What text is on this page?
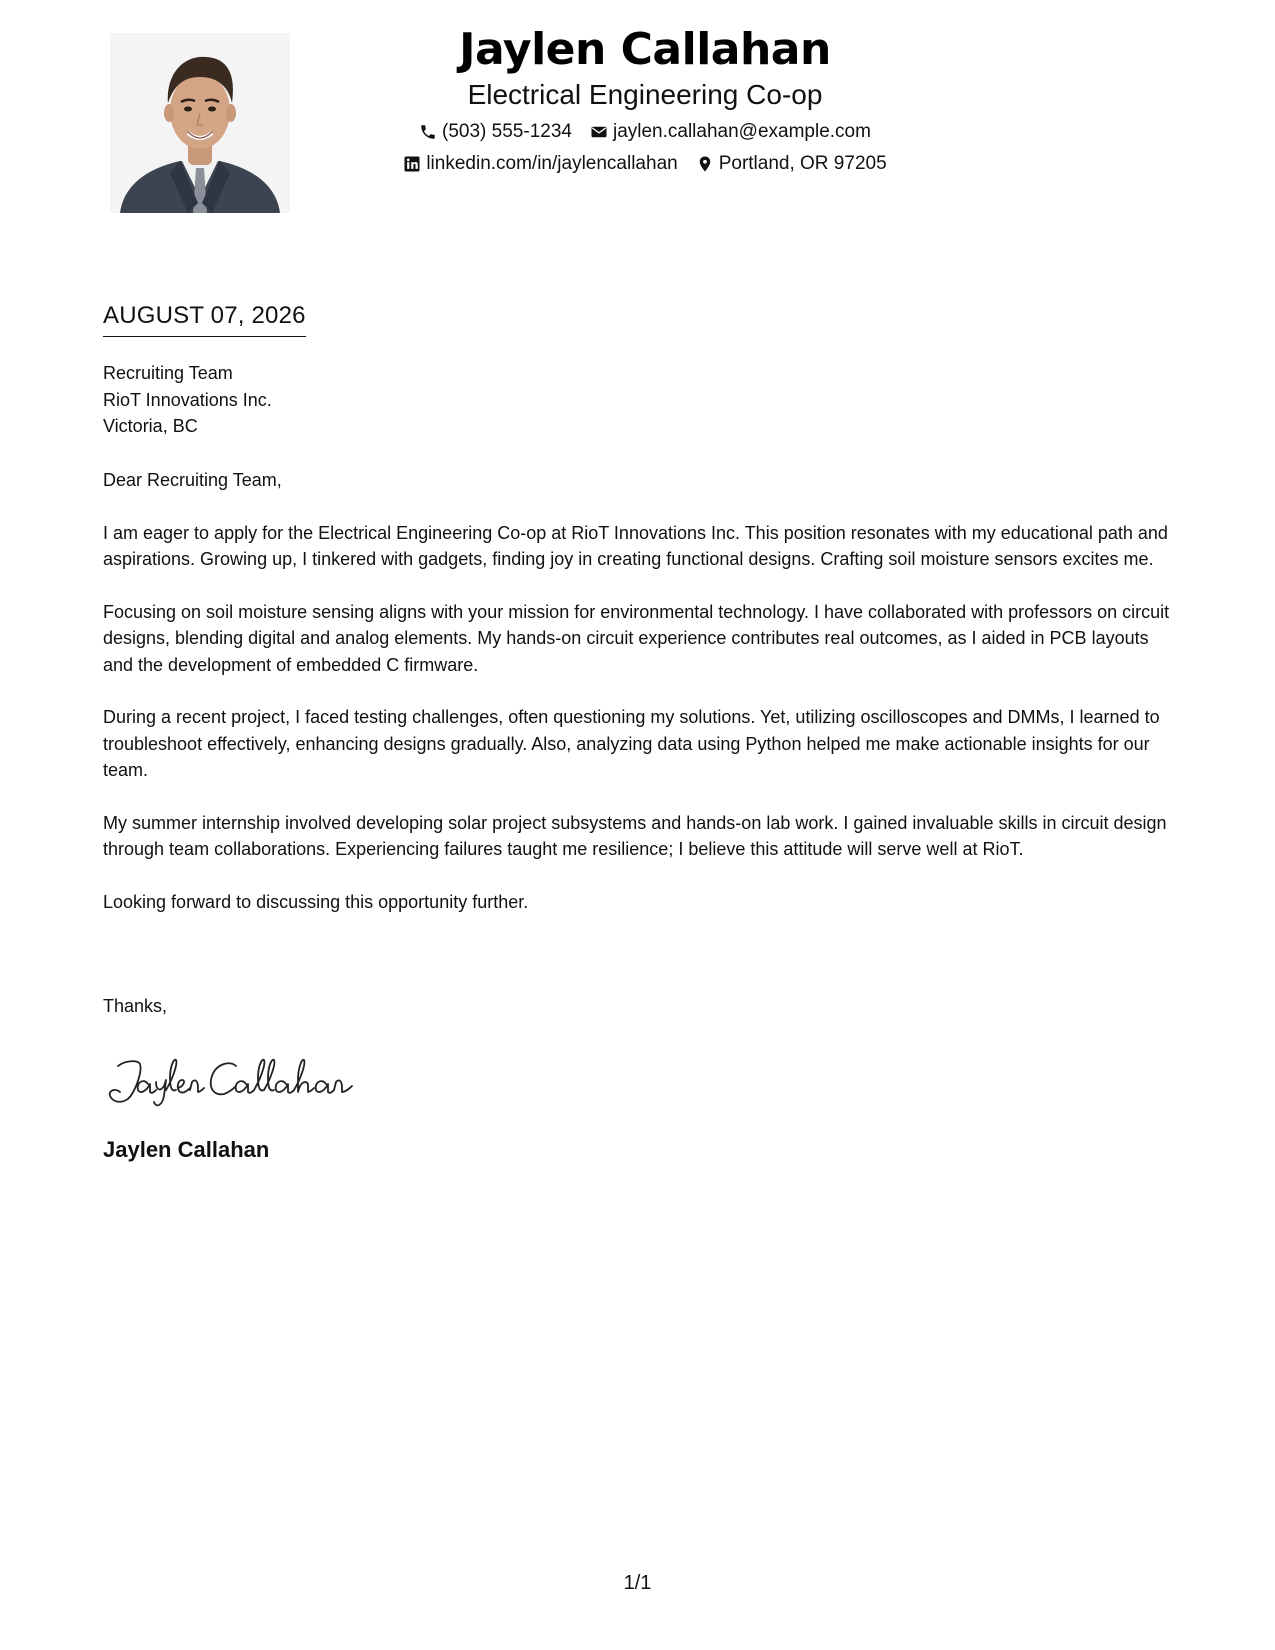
Jaylen Callahan
Electrical Engineering Co-op
(503) 555-1234 jaylen.callahan@example.com
linkedin.com/in/jaylencallahan Portland, OR 97205
AUGUST 07, 2026
Recruiting Team
RioT Innovations Inc.
Victoria, BC

Dear Recruiting Team,

I am eager to apply for the Electrical Engineering Co-op at RioT Innovations Inc. This position resonates with my educational path and aspirations. Growing up, I tinkered with gadgets, finding joy in creating functional designs. Crafting soil moisture sensors excites me.

Focusing on soil moisture sensing aligns with your mission for environmental technology. I have collaborated with professors on circuit designs, blending digital and analog elements. My hands-on circuit experience contributes real outcomes, as I aided in PCB layouts and the development of embedded C firmware.

During a recent project, I faced testing challenges, often questioning my solutions. Yet, utilizing oscilloscopes and DMMs, I learned to troubleshoot effectively, enhancing designs gradually. Also, analyzing data using Python helped me make actionable insights for our team.

My summer internship involved developing solar project subsystems and hands-on lab work. I gained invaluable skills in circuit design through team collaborations. Experiencing failures taught me resilience; I believe this attitude will serve well at RioT.

Looking forward to discussing this opportunity further.

Thanks,
Jaylen Callahan
1/1
